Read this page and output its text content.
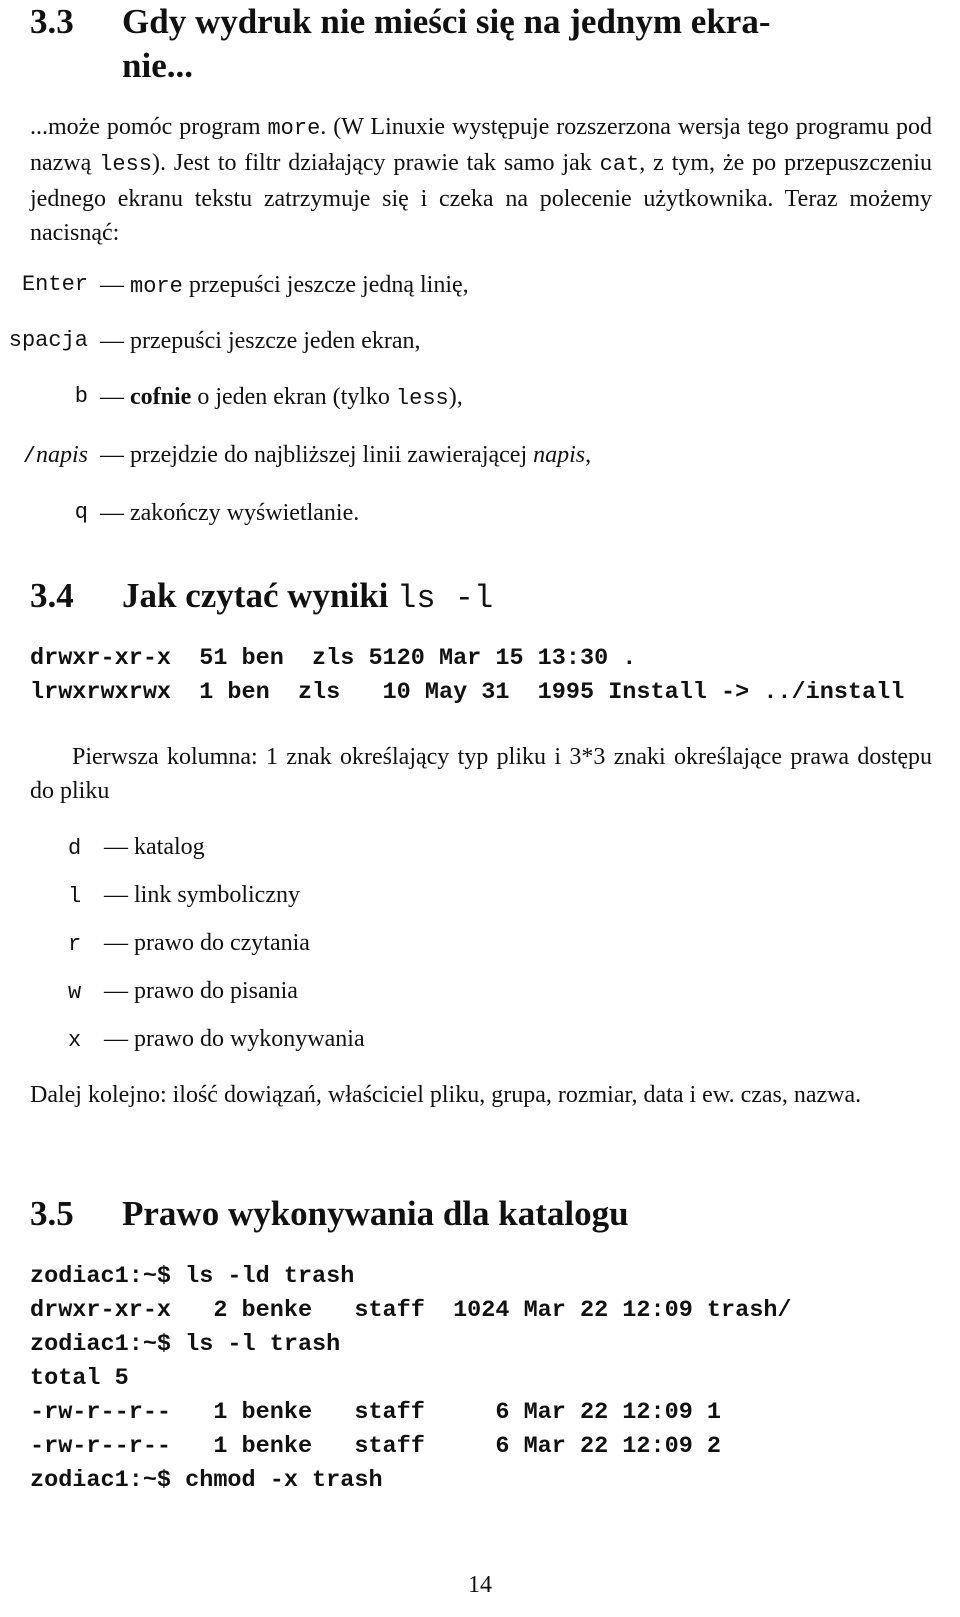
3.3 Gdy wydruk nie mieści się na jednym ekra-
nie...
...może pomóc program more. (W Linuxie występuje rozszerzona wersja tego programu pod nazwą less). Jest to filtr działający prawie tak samo jak cat, z tym, że po przepuszczeniu jednego ekranu tekstu zatrzymuje się i czeka na polecenie użytkownika. Teraz możemy nacisnąć:
Enter — more przepuści jeszcze jedną linię,
spacja — przepuści jeszcze jeden ekran,
b — cofnie o jeden ekran (tylko less),
/napis — przejdzie do najbliższej linii zawierającej napis,
q — zakończy wyświetlanie.
3.4 Jak czytać wyniki ls -l
drwxr-xr-x  51 ben  zls 5120 Mar 15 13:30 .
lrwxrwxrwx  1 ben  zls   10 May 31  1995 Install -> ../install
Pierwsza kolumna: 1 znak określający typ pliku i 3*3 znaki określające prawa dostępu do pliku
d — katalog
l — link symboliczny
r — prawo do czytania
w — prawo do pisania
x — prawo do wykonywania
Dalej kolejno: ilość dowiązań, właściciel pliku, grupa, rozmiar, data i ew. czas, nazwa.
3.5 Prawo wykonywania dla katalogu
zodiac1:~$ ls -ld trash
drwxr-xr-x   2 benke   staff  1024 Mar 22 12:09 trash/
zodiac1:~$ ls -l trash
total 5
-rw-r--r--   1 benke   staff     6 Mar 22 12:09 1
-rw-r--r--   1 benke   staff     6 Mar 22 12:09 2
zodiac1:~$ chmod -x trash
14
